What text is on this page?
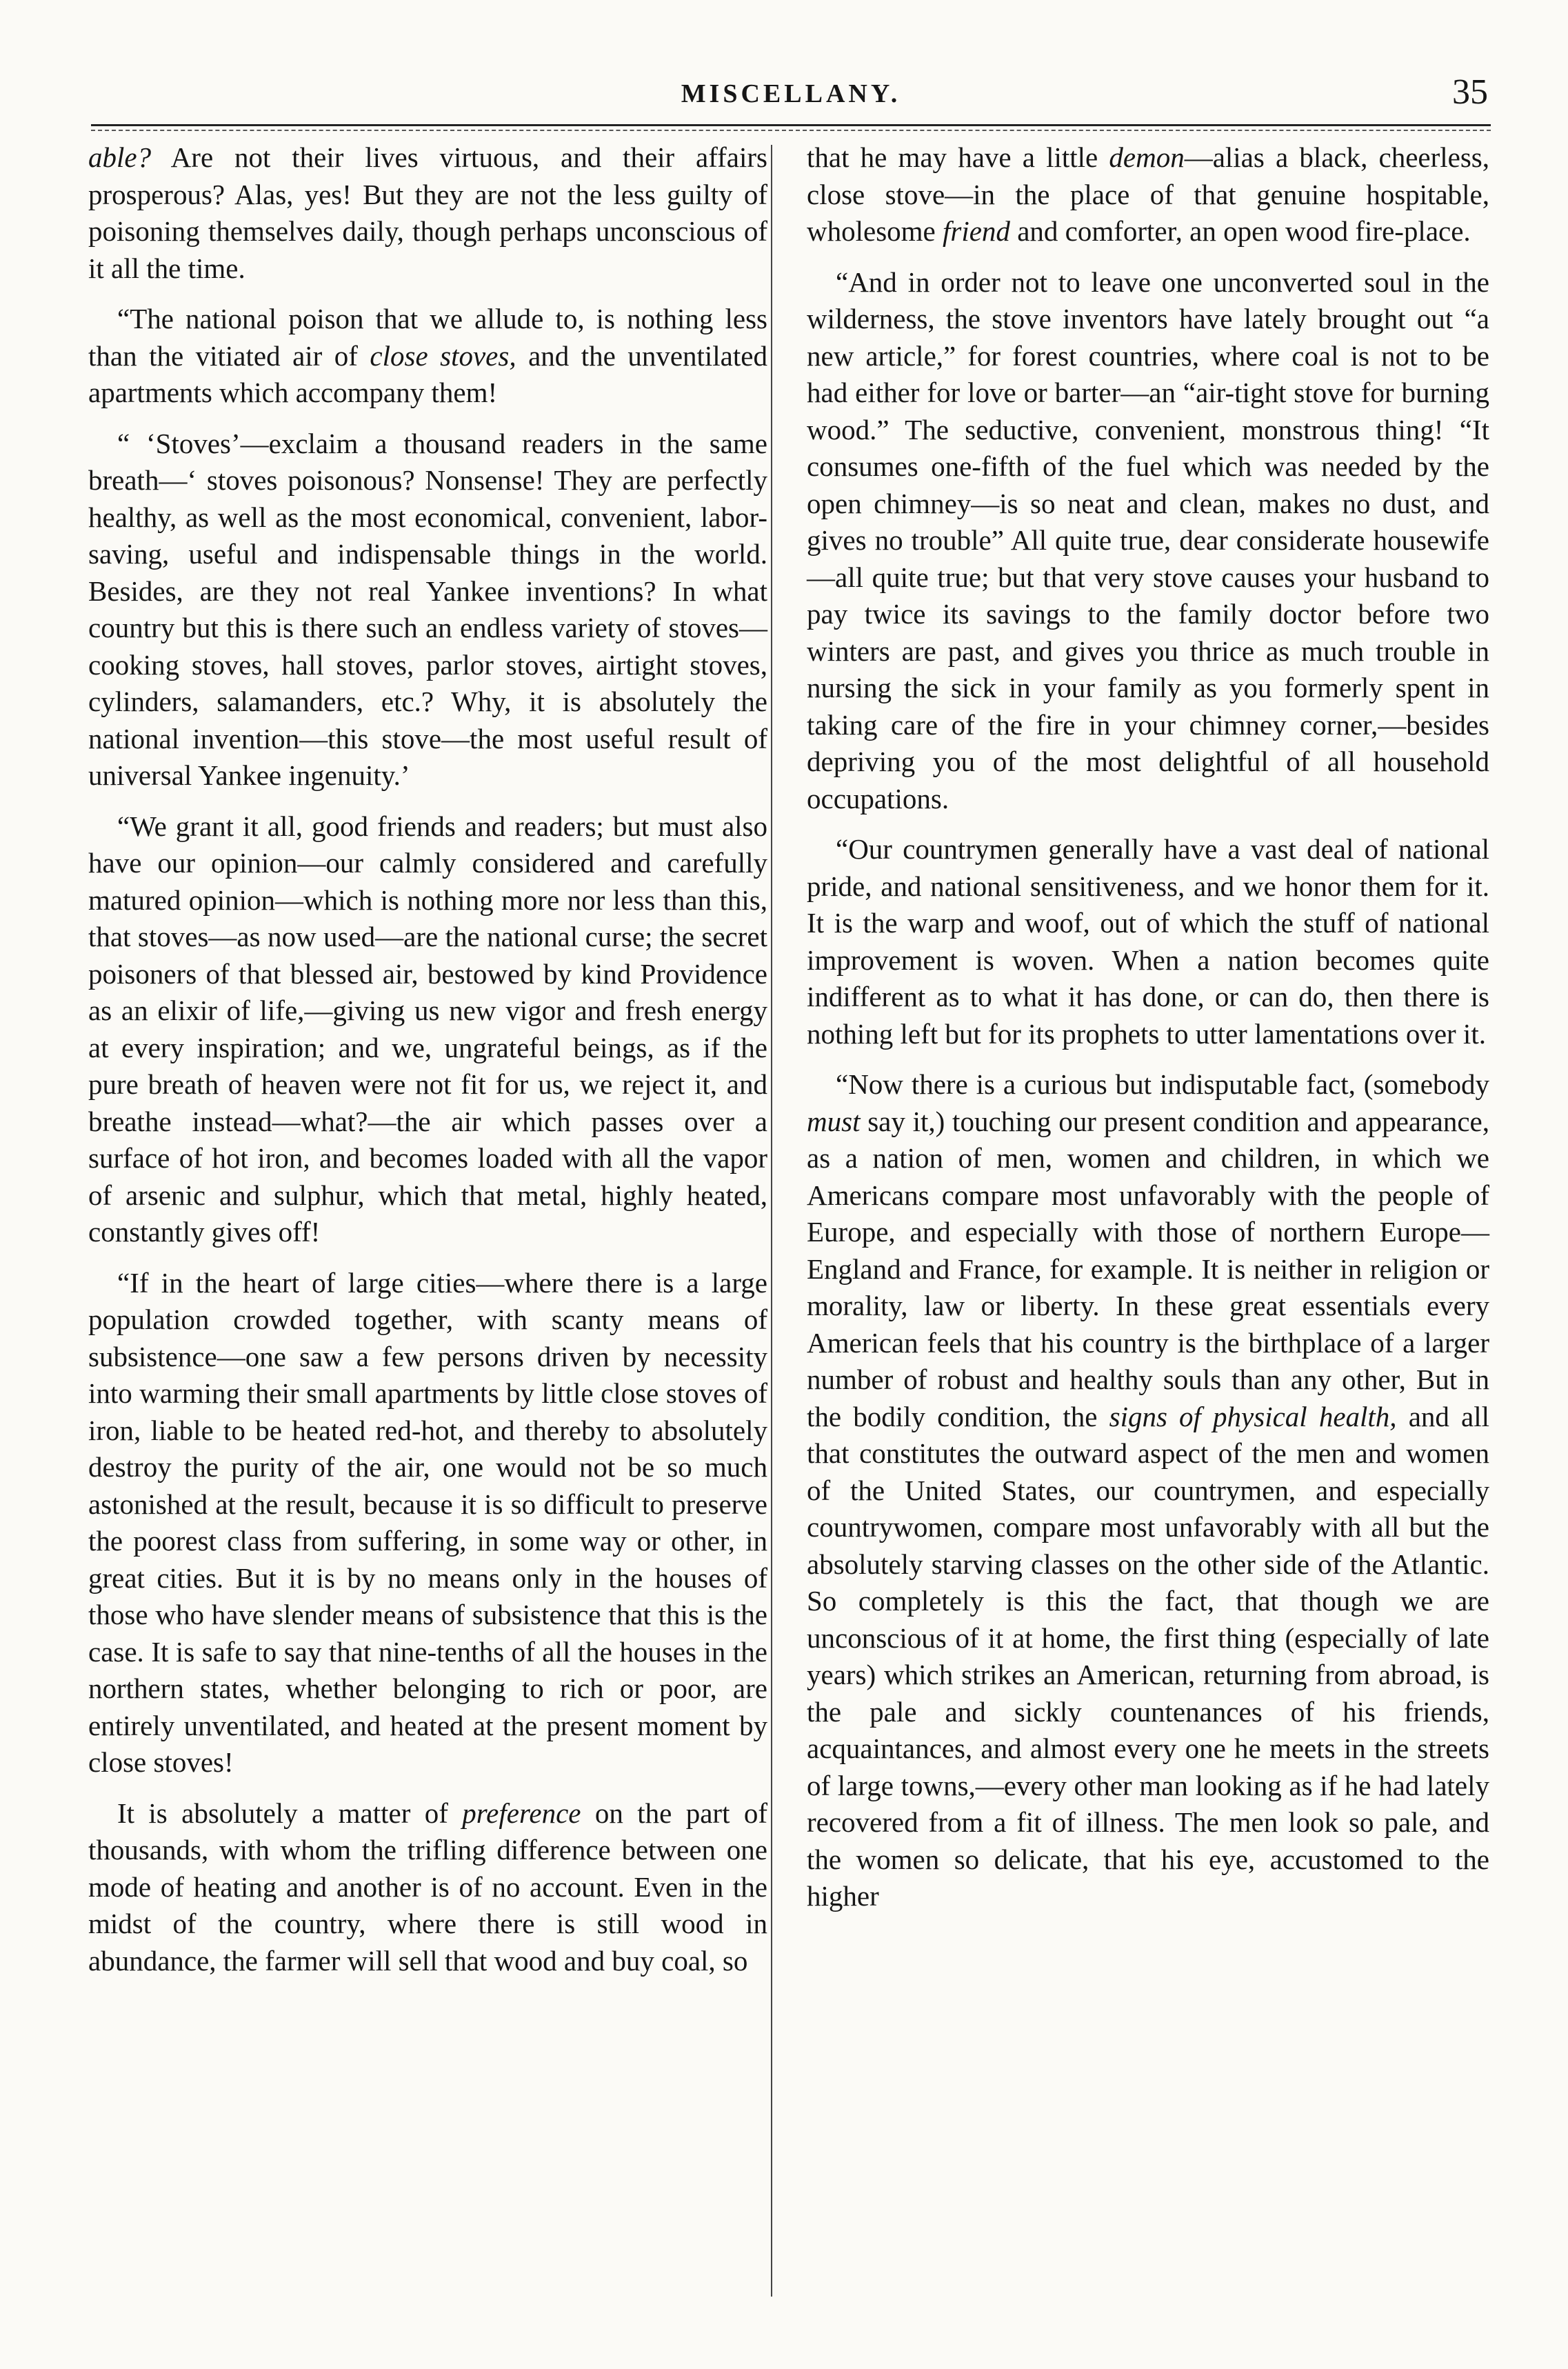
MISCELLANY.	35

able? Are not their lives virtuous, and their affairs prosperous? Alas, yes! But they are not the less guilty of poisoning themselves daily, though perhaps unconscious of it all the time.

“The national poison that we allude to, is nothing less than the vitiated air of close stoves, and the unventilated apartments which accompany them!

“ ‘Stoves’—exclaim a thousand readers in the same breath—‘ stoves poisonous? Nonsense! They are perfectly healthy, as well as the most economical, convenient, labor-saving, useful and indispensable things in the world. Besides, are they not real Yankee inventions? In what country but this is there such an endless variety of stoves—cooking stoves, hall stoves, parlor stoves, airtight stoves, cylinders, salamanders, etc.? Why, it is absolutely the national invention—this stove—the most useful result of universal Yankee ingenuity.’

“We grant it all, good friends and readers; but must also have our opinion—our calmly considered and carefully matured opinion—which is nothing more nor less than this, that stoves—as now used—are the national curse; the secret poisoners of that blessed air, bestowed by kind Providence as an elixir of life,—giving us new vigor and fresh energy at every inspiration; and we, ungrateful beings, as if the pure breath of heaven were not fit for us, we reject it, and breathe instead—what?—the air which passes over a surface of hot iron, and becomes loaded with all the vapor of arsenic and sulphur, which that metal, highly heated, constantly gives off!

“If in the heart of large cities—where there is a large population crowded together, with scanty means of subsistence—one saw a few persons driven by necessity into warming their small apartments by little close stoves of iron, liable to be heated red-hot, and thereby to absolutely destroy the purity of the air, one would not be so much astonished at the result, because it is so difficult to preserve the poorest class from suffering, in some way or other, in great cities. But it is by no means only in the houses of those who have slender means of subsistence that this is the case. It is safe to say that nine-tenths of all the houses in the northern states, whether belonging to rich or poor, are entirely unventilated, and heated at the present moment by close stoves!

It is absolutely a matter of preference on the part of thousands, with whom the trifling difference between one mode of heating and another is of no account. Even in the midst of the country, where there is still wood in abundance, the farmer will sell that wood and buy coal, so

that he may have a little demon—alias a black, cheerless, close stove—in the place of that genuine hospitable, wholesome friend and comforter, an open wood fire-place.

“And in order not to leave one unconverted soul in the wilderness, the stove inventors have lately brought out “a new article,” for forest countries, where coal is not to be had either for love or barter—an “air-tight stove for burning wood.” The seductive, convenient, monstrous thing! “It consumes one-fifth of the fuel which was needed by the open chimney—is so neat and clean, makes no dust, and gives no trouble” All quite true, dear considerate housewife—all quite true; but that very stove causes your husband to pay twice its savings to the family doctor before two winters are past, and gives you thrice as much trouble in nursing the sick in your family as you formerly spent in taking care of the fire in your chimney corner,—besides depriving you of the most delightful of all household occupations.

“Our countrymen generally have a vast deal of national pride, and national sensitiveness, and we honor them for it. It is the warp and woof, out of which the stuff of national improvement is woven. When a nation becomes quite indifferent as to what it has done, or can do, then there is nothing left but for its prophets to utter lamentations over it.

“Now there is a curious but indisputable fact, (somebody must say it,) touching our present condition and appearance, as a nation of men, women and children, in which we Americans compare most unfavorably with the people of Europe, and especially with those of northern Europe—England and France, for example. It is neither in religion or morality, law or liberty. In these great essentials every American feels that his country is the birthplace of a larger number of robust and healthy souls than any other, But in the bodily condition, the signs of physical health, and all that constitutes the outward aspect of the men and women of the United States, our countrymen, and especially countrywomen, compare most unfavorably with all but the absolutely starving classes on the other side of the Atlantic. So completely is this the fact, that though we are unconscious of it at home, the first thing (especially of late years) which strikes an American, returning from abroad, is the pale and sickly countenances of his friends, acquaintances, and almost every one he meets in the streets of large towns,—every other man looking as if he had lately recovered from a fit of illness. The men look so pale, and the women so delicate, that his eye, accustomed to the higher
